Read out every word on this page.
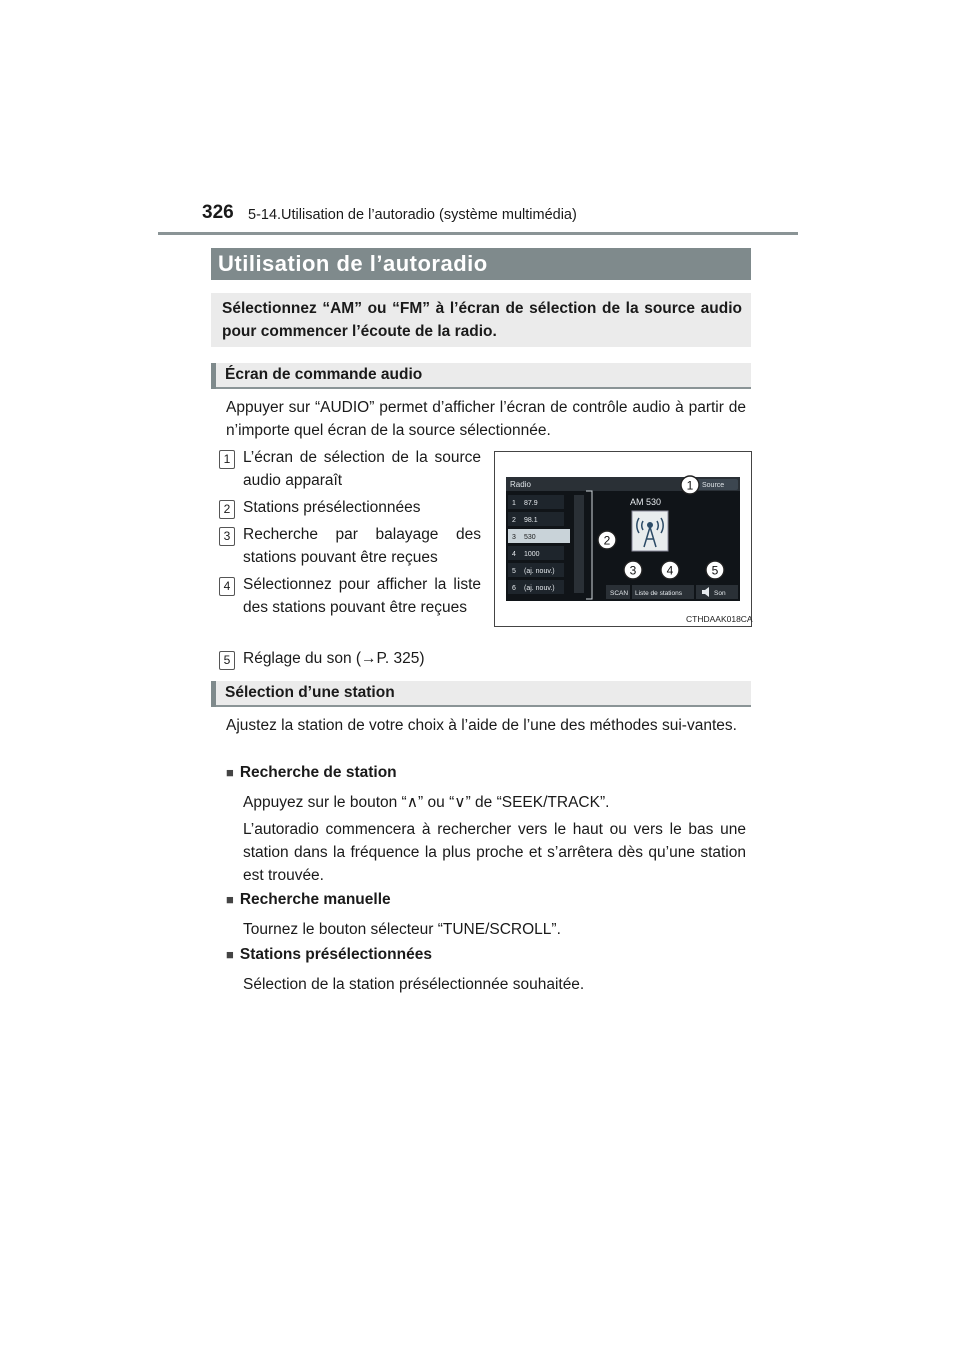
326 5-14.Utilisation de l’autoradio (système multimédia)
Utilisation de l’autoradio
Sélectionnez “AM” ou “FM” à l’écran de sélection de la source audio pour commencer l’écoute de la radio.
Écran de commande audio
Appuyer sur “AUDIO” permet d’afficher l’écran de contrôle audio à partir de n’importe quel écran de la source sélectionnée.
1 L’écran de sélection de la source audio apparaît
2 Stations présélectionnées
3 Recherche par balayage des stations pouvant être reçues
4 Sélectionnez pour afficher la liste des stations pouvant être reçues
5 Réglage du son (→P. 325)
Radio	Source
1 87.9
2 98.1
3 530
4 1000
5 (aj. nouv.)
6 (aj. nouv.)
AM 530
SCAN Liste de stations	Son
1
2
3	4	5
CTHDAAK018CA
Sélection d’une station
Ajustez la station de votre choix à l’aide de l’une des méthodes sui-vantes.
■ Recherche de station
Appuyez sur le bouton “∧” ou “∨” de “SEEK/TRACK”.
L’autoradio commencera à rechercher vers le haut ou vers le bas une station dans la fréquence la plus proche et s’arrêtera dès qu’une station est trouvée.
■ Recherche manuelle
Tournez le bouton sélecteur “TUNE/SCROLL”.
■ Stations présélectionnées
Sélection de la station présélectionnée souhaitée.
